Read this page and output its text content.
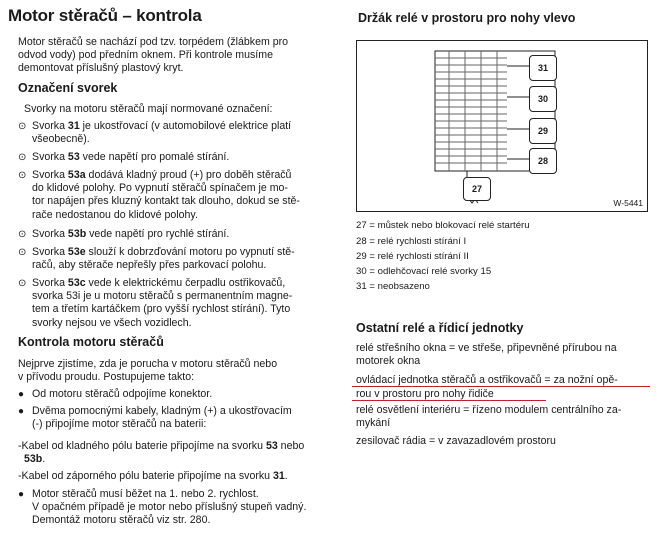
Motor stěračů – kontrola
Motor stěračů se nachází pod tzv. torpédem (žlábkem pro
odvod vody) pod předním oknem. Při kontrole musíme
demontovat příslušný plastový kryt.
Označení svorek
Svorky na motoru stěračů mají normované označení:
⊙ Svorka 31 je ukostřovací (v automobilové elektrice platí
všeobecně).
⊙ Svorka 53 vede napětí pro pomalé stírání.
⊙ Svorka 53a dodává kladný proud (+) pro doběh stěračů
do klidové polohy. Po vypnutí stěračů spínačem je mo-
tor napájen přes kluzný kontakt tak dlouho, dokud se stě-
rače nedostanou do klidové polohy.
⊙ Svorka 53b vede napětí pro rychlé stírání.
⊙ Svorka 53e slouží k dobrzďování motoru po vypnutí stě-
račů, aby stěrače nepřešly přes parkovací polohu.
⊙ Svorka 53c vede k elektrickému čerpadlu ostřikovačů,
svorka 53i je u motoru stěračů s permanentním magne-
tem a třetím kartáčkem (pro vyšší rychlost stírání). Tyto
svorky nejsou ve všech vozidlech.
Kontrola motoru stěračů
Nejprve zjistíme, zda je porucha v motoru stěračů nebo
v přívodu proudu. Postupujeme takto:
● Od motoru stěračů odpojíme konektor.
● Dvěma pomocnými kabely, kladným (+) a ukostřovacím
(-) připojíme motor stěračů na baterii:
-Kabel od kladného pólu baterie připojíme na svorku 53 nebo
53b.
-Kabel od záporného pólu baterie připojíme na svorku 31.
● Motor stěračů musí běžet na 1. nebo 2. rychlost.
V opačném případě je motor nebo příslušný stupeň vadný.
Demontáž motoru stěračů viz str. 280.
Držák relé v prostoru pro nohy vlevo
31
30
29
28
27
W-5441
27 = můstek nebo blokovací relé startéru
28 = relé rychlosti stírání I
29 = relé rychlosti stírání II
30 = odlehčovací relé svorky 15
31 = neobsazeno
Ostatní relé a řídicí jednotky
relé střešního okna = ve střeše, připevněné přírubou na
motorek okna
ovládací jednotka stěračů a ostřikovačů = za nožní opě-
rou v prostoru pro nohy řidiče
relé osvětlení interiéru = řízeno modulem centrálního za-
mykání
zesilovač rádia = v zavazadlovém prostoru
